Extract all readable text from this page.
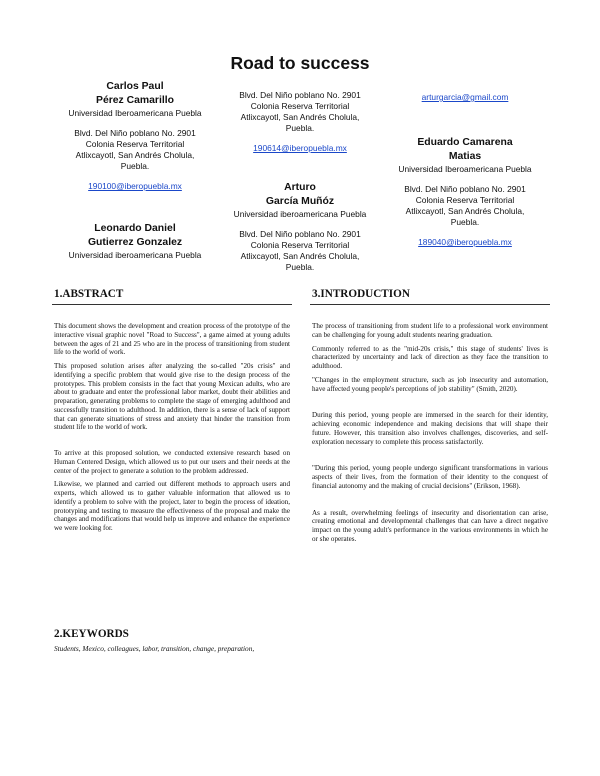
Road to success

Carlos Paul

Pérez Camarillo

Universidad Iberoamericana Puebla

Blvd. Del Niño poblano No. 2901

Colonia Reserva Territorial

Atlixcayotl, San Andrés Cholula,

Puebla.

190100@iberopuebla.mx

Leonardo Daniel

Gutierrez Gonzalez

Universidad iberoamericana Puebla

Blvd. Del Niño poblano No. 2901

Colonia Reserva Territorial

Atlixcayotl, San Andrés Cholula,

Puebla.

190614@iberopuebla.mx

Arturo

García Muñóz

Universidad iberoamericana Puebla

Blvd. Del Niño poblano No. 2901

Colonia Reserva Territorial

Atlixcayotl, San Andrés Cholula,

Puebla.

arturgarcia@gmail.com

Eduardo Camarena

Matias

Universidad Iberoamericana Puebla

Blvd. Del Niño poblano No. 2901

Colonia Reserva Territorial

Atlixcayotl, San Andrés Cholula,

Puebla.

189040@iberopuebla.mx

1.ABSTRACT	3.INTRODUCTION

This document shows the development and creation process of the prototype of the interactive visual graphic novel "Road to Success", a game aimed at young adults between the ages of 21 and 25 who are in the process of transitioning from student life to the world of work.

This proposed solution arises after analyzing the so-called "20s crisis" and identifying a specific problem that would give rise to the design process of the prototypes. This problem consists in the fact that young Mexican adults, who are about to graduate and enter the professional labor market, doubt their abilities and preparation, generating problems to complete the stage of emerging adulthood and successfully transition to adulthood. In addition, there is a sense of lack of support that can generate situations of stress and anxiety that hinder the transition from student life to the world of work.

To arrive at this proposed solution, we conducted extensive research based on Human Centered Design, which allowed us to put our users and their needs at the center of the project to generate a solution to the problem addressed.

Likewise, we planned and carried out different methods to approach users and experts, which allowed us to gather valuable information that allowed us to identify a problem to solve with the project, later to begin the process of ideation, prototyping and testing to measure the effectiveness of the proposal and make the changes and modifications that would help us improve and enhance the experience we were looking for.

2.KEYWORDS
Students, Mexico, colleagues, labor, transition, change, preparation,

The process of transitioning from student life to a professional work environment can be challenging for young adult students nearing graduation.

Commonly referred to as the "mid-20s crisis," this stage of students' lives is characterized by uncertainty and lack of direction as they face the transition to adulthood.

"Changes in the employment structure, such as job insecurity and automation, have affected young people's perceptions of job stability" (Smith, 2020).

During this period, young people are immersed in the search for their identity, achieving economic independence and making decisions that will shape their future. However, this transition also involves challenges, discoveries, and self-exploration necessary to complete this process satisfactorily.

"During this period, young people undergo significant transformations in various aspects of their lives, from the formation of their identity to the conquest of financial autonomy and the making of crucial decisions" (Erikson, 1968).

As a result, overwhelming feelings of insecurity and disorientation can arise, creating emotional and developmental challenges that can have a direct negative impact on the young adult's performance in the various environments in which he or she operates.
